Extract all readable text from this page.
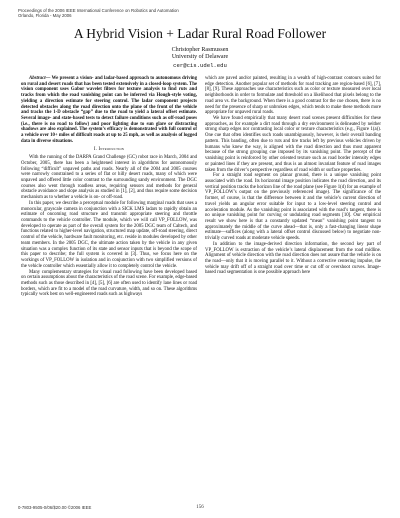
Proceedings of the 2006 IEEE International Conference on Robotics and Automation
Orlando, Florida - May 2006
A Hybrid Vision + Ladar Rural Road Follower
Christopher Rasmussen
University of Delaware
cer@cis.udel.edu

Abstract— We present a vision- and ladar-based approach to autonomous driving on rural and desert roads that has been tested extensively in a closed-loop system. The vision component uses Gabor wavelet filters for texture analysis to find ruts and tracks from which the road vanishing point can be inferred via Hough-style voting, yielding a direction estimate for steering control. The ladar component projects detected obstacles along the road direction onto the plane of the front of the vehicle and tracks the 1-D obstacle “gap” due to the road to yield a lateral offset estimate. Several image- and state-based tests to detect failure conditions such as off-road poses (i.e., there is no road to follow) and poor lighting due to sun glare or distracting shadows are also explained. The system’s efficacy is demonstrated with full control of a vehicle over 10+ miles of difficult roads at up to 25 mph, as well as analysis of logged data in diverse situations.

I. Introduction

With the running of the DARPA Grand Challenge (GC) robot race in March, 2004 and October, 2005, there has been a heightened interest in algorithms for autonomously following “difficult” unpaved paths and roads. Nearly all of the 2004 and 2005 courses were narrowly constrained to a series of flat or hilly desert roads, many of which were unpaved and offered little color contrast to the surrounding sandy environment. The DGC courses also went through roadless areas, requiring sensors and methods for general obstacle avoidance and slope analysis as studied in [1], [2], and thus require some decision mechanism as to whether a vehicle is on- or off-road.

In this paper, we describe a perceptual module for following marginal roads that uses a monocular, grayscale camera in conjunction with a SICK LMS ladars to rapidly obtain an estimate of oncoming road structure and transmit appropriate steering and throttle commands to the vehicle controller. The module, which we will call VP_FOLLOW, was developed to operate as part of the overall system for the 2005 DGC team of Caltech, and functions related to higher-level navigation, structured map update, off-road steering, direct control of the vehicle, hardware fault monitoring, etc. reside in modules developed by other team members. In the 2005 DGC, the ultimate action taken by the vehicle in any given situation was a complex function of its state and sensor inputs that is beyond the scope of this paper to describe; the full system is covered in [3]. Thus, we focus here on the workings of VP_FOLLOW in isolation and in conjunction with two simplified versions of the vehicle controller which essentially allow it to completely control the vehicle.

Many complementary strategies for visual road following have been developed based on certain assumptions about the characteristics of the road scene. For example, edge-based methods such as those described in [4], [5], [6] are often used to identify lane lines or road borders, which are fit to a model of the road curvature, width, and so on. These algorithms typically work best on well-engineered roads such as highways

which are paved and/or painted, resulting in a wealth of high-contrast contours suited for edge detection. Another popular set of methods for road tracking are region-based [6], [7], [8], [9]. These approaches use characteristics such as color or texture measured over local neighborhoods in order to formulate and threshold on a likelihood that pixels belong to the road area vs. the background. When there is a good contrast for the cue chosen, there is no need for the presence of sharp or unbroken edges, which tends to make these methods more appropriate for unpaved rural roads.

We have found empirically that many desert road scenes present difficulties for these approaches, as for example a dirt road through a dry environment is delineated by neither strong sharp edges nor contrasting local color or texture characteristics (e.g., Figure 1(a)). One cue that often identifies such roads unambiguously, however, is their overall banding pattern. This banding, often due to ruts and tire tracks left by previous vehicles driven by humans who knew the way, is aligned with the road direction and thus most apparent because of the strong grouping cue imposed by its vanishing point. The percept of the vanishing point is reinforced by other oriented texture such as road border intensity edges or painted lines if they are present, and thus is an almost invariant feature of road images taken from the driver’s perspective regardless of road width or surface properties.

For a straight road segment on planar ground, there is a unique vanishing point associated with the road. Its horizontal image position indicates the road direction, and its vertical position tracks the horizon line of the road plane (see Figure 1(d) for an example of VP_FOLLOW’s output on the previously referenced image). The significance of the former, of course, is that the difference between it and the vehicle’s current direction of travel yields an angular error suitable for input to a low-level steering control and acceleration module. As the vanishing point is associated with the road’s tangent, there is no unique vanishing point for curving or undulating road segments [10]. Our empirical result we show here is that a constantly updated “mean” vanishing point tangent to approximately the middle of the curve ahead—that is, only a fast-changing linear shape estimate—suffices (along with a lateral offset control discussed below) to negotiate non-trivially curved roads at moderate vehicle speeds.

In addition to the image-derived direction information, the second key part of VP_FOLLOW is extraction of the vehicle’s lateral displacement from the road midline. Alignment of vehicle direction with the road direction does not assure that the vehicle is on the road—only that it is moving parallel to it. Without a corrective centering impulse, the vehicle may drift off of a straight road over time or cut off or overshoot curves. Image-based road segmentation is one possible approach here

0-7803-9505-0/06/$20.00 ©2006 IEEE	156
